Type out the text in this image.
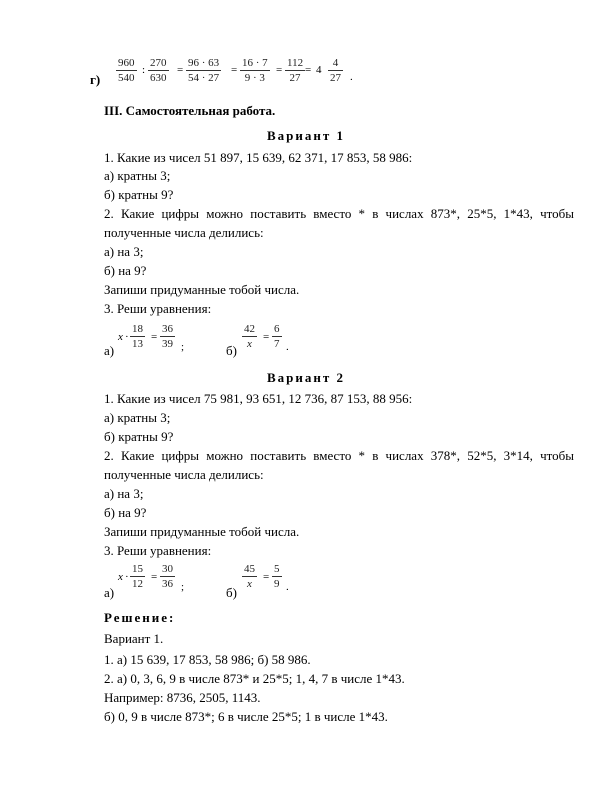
$\frac{960}{540}$ : $\frac{270}{630} = \frac{96 \cdot 63}{54 \cdot 27} = \frac{16 \cdot 7}{9 \cdot 3} = \frac{112}{27} = 4 \frac{4}{27}$ .
г)
III. Самостоятельная работа.
Вариант 1
1. Какие из чисел 51 897, 15 639, 62 371, 17 853, 58 986:
а) кратны 3;
б) кратны 9?
2. Какие цифры можно поставить вместо * в числах 873*, 25*5, 1*43, чтобы
полученные числа делились:
а) на 3;
б) на 9?
Запиши придуманные тобой числа.
3. Реши уравнения:
а)
$x \cdot \frac{18}{13} = \frac{36}{39}$ ;	$б) \frac{42}{x} = \frac{6}{7}$ .
Вариант 2
1. Какие из чисел 75 981, 93 651, 12 736, 87 153, 88 956:
а) кратны 3;
б) кратны 9?
2. Какие цифры можно поставить вместо * в числах 378*, 52*5, 3*14, чтобы
полученные числа делились:
а) на 3;
б) на 9?
Запиши придуманные тобой числа.
3. Реши уравнения:
а)
$x \cdot \frac{15}{12} = \frac{30}{36}$ ;	б)
$\frac{45}{x} = \frac{5}{9}$ .
Решение:
Вариант 1.
1. а) 15 639, 17 853, 58 986; б) 58 986.
2. а) 0, 3, 6, 9 в числе 873* и 25*5; 1, 4, 7 в числе 1*43.
Например: 8736, 2505, 1143.
б) 0, 9 в числе 873*; 6 в числе 25*5; 1 в числе 1*43.
